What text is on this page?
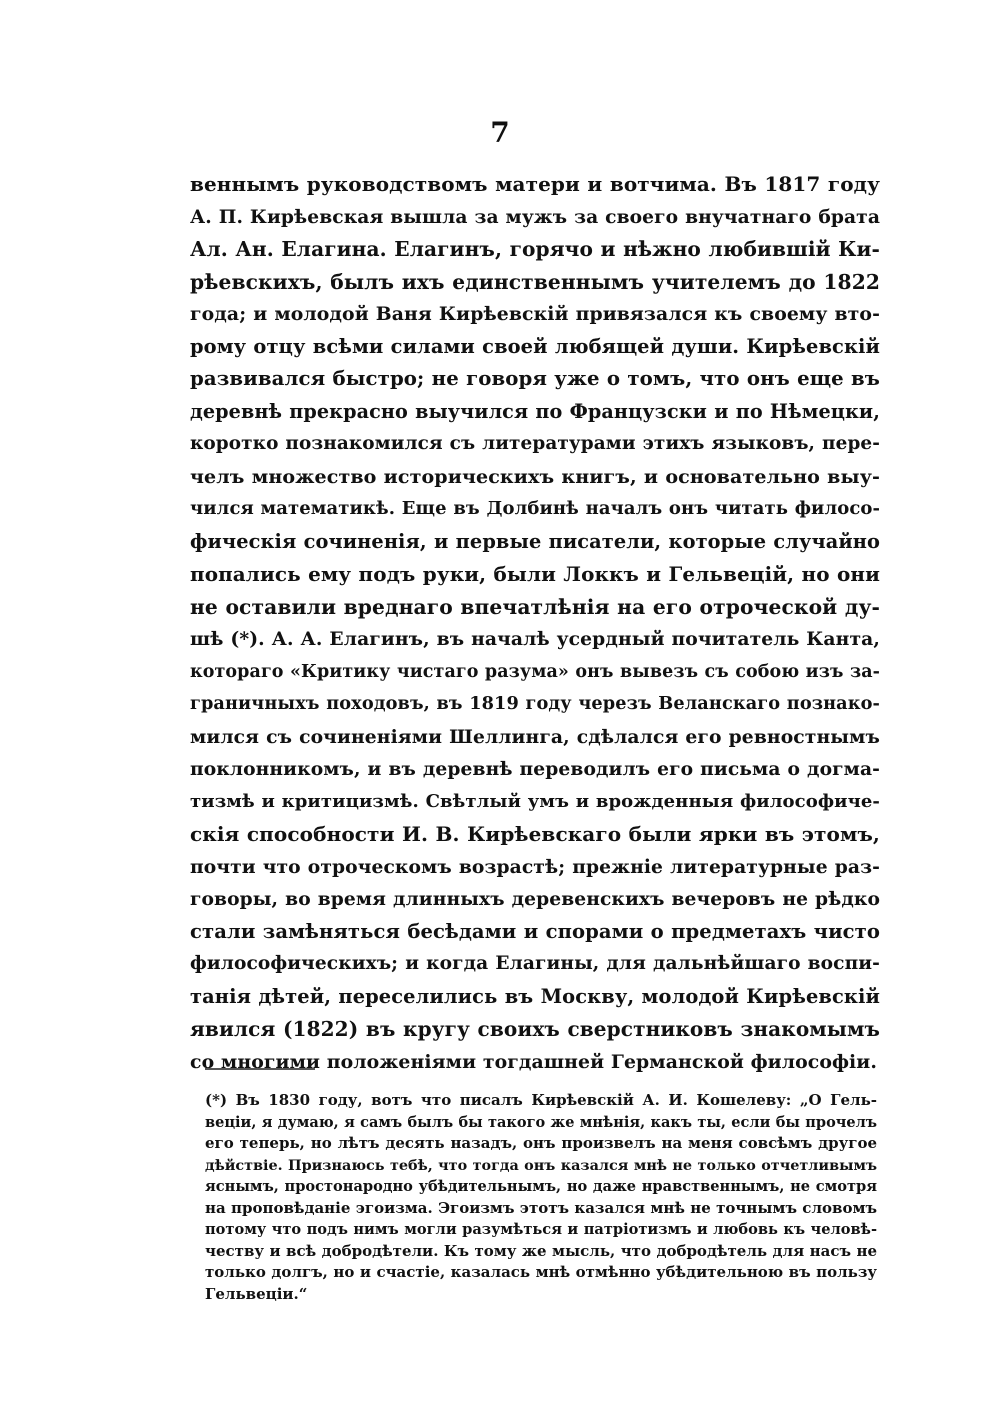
7
веннымъ руководствомъ матери и вотчима. Въ 1817 году
А. П. Кирѣевская вышла за мужъ за своего внучатнаго брата
Ал. Ан. Елагина. Елагинъ, горячо и нѣжно любившій Ки-
рѣевскихъ, былъ ихъ единственнымъ учителемъ до 1822
года; и молодой Ваня Кирѣевскій привязался къ своему вто-
рому отцу всѣми силами своей любящей души. Кирѣевскій
развивался быстро; не говоря уже о томъ, что онъ еще въ
деревнѣ прекрасно выучился по Французски и по Нѣмецки,
коротко познакомился съ литературами этихъ языковъ, пере-
челъ множество историческихъ книгъ, и основательно выу-
чился математикѣ. Еще въ Долбинѣ началъ онъ читать филосо-
фическія сочиненія, и первые писатели, которые случайно
попались ему подъ руки, были Локкъ и Гельвецій, но они
не оставили вреднаго впечатлѣнія на его отроческой ду-
шѣ (*). А. А. Елагинъ, въ началѣ усердный почитатель Канта,
котораго «Критику чистаго разума» онъ вывезъ съ собою изъ за-
граничныхъ походовъ, въ 1819 году черезъ Веланскаго познако-
мился съ сочиненіями Шеллинга, сдѣлался его ревностнымъ
поклонникомъ, и въ деревнѣ переводилъ его письма о догма-
тизмѣ и критицизмѣ. Свѣтлый умъ и врожденныя философиче-
скія способности И. В. Кирѣевскаго были ярки въ этомъ,
почти что отроческомъ возрастѣ; прежніе литературные раз-
говоры, во время длинныхъ деревенскихъ вечеровъ не рѣдко
стали замѣняться бесѣдами и спорами о предметахъ чисто
философическихъ; и когда Елагины, для дальнѣйшаго воспи-
танія дѣтей, переселились въ Москву, молодой Кирѣевскій
явился (1822) въ кругу своихъ сверстниковъ знакомымъ
со многими положеніями тогдашней Германской философіи.
(*) Въ 1830 году, вотъ что писалъ Кирѣевскій А. И. Кошелеву: „О Гель-
веціи, я думаю, я самъ былъ бы такого же мнѣнія, какъ ты, если бы прочелъ
его теперь, но лѣтъ десять назадъ, онъ произвелъ на меня совсѣмъ другое
дѣйствіе. Признаюсь тебѣ, что тогда онъ казался мнѣ не только отчетливымъ
яснымъ, простонародно убѣдительнымъ, но даже нравственнымъ, не смотря
на проповѣданіе эгоизма. Эгоизмъ этотъ казался мнѣ не точнымъ словомъ
потому что подъ нимъ могли разумѣться и патріотизмъ и любовь къ человѣ-
честву и всѣ добродѣтели. Къ тому же мысль, что добродѣтель для насъ не
только долгъ, но и счастіе, казалась мнѣ отмѣнно убѣдительною въ пользу
Гельвеціи.“
